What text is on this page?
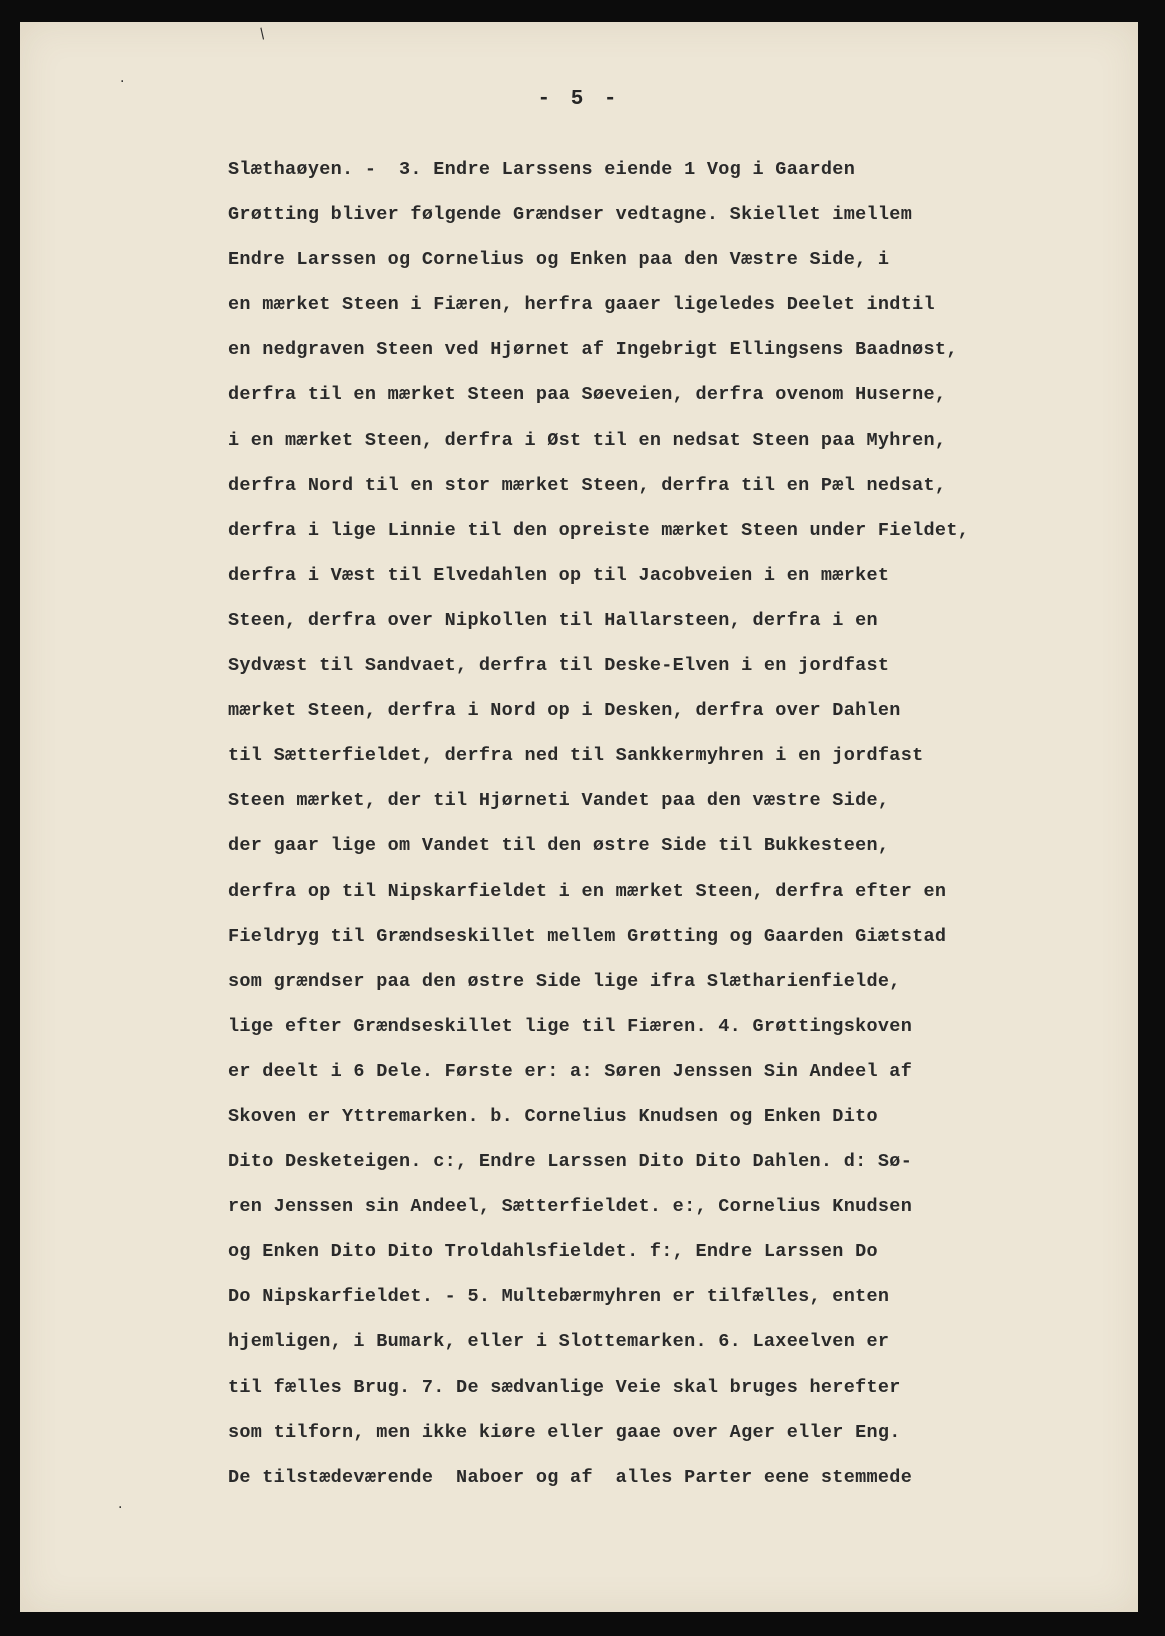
·
/
- 5 -
Slæthaøyen. -  3. Endre Larssens eiende 1 Vog i Gaarden
Grøtting bliver følgende Grændser vedtagne. Skiellet imellem
Endre Larssen og Cornelius og Enken paa den Væstre Side, i
en mærket Steen i Fiæren, herfra gaaer ligeledes Deelet indtil
en nedgraven Steen ved Hjørnet af Ingebrigt Ellingsens Baadnøst,
derfra til en mærket Steen paa Søeveien, derfra ovenom Huserne,
i en mærket Steen, derfra i Øst til en nedsat Steen paa Myhren,
derfra Nord til en stor mærket Steen, derfra til en Pæl nedsat,
derfra i lige Linnie til den opreiste mærket Steen under Fieldet,
derfra i Væst til Elvedahlen op til Jacobveien i en mærket
Steen, derfra over Nipkollen til Hallarsteen, derfra i en
Sydvæst til Sandvaet, derfra til Deske-Elven i en jordfast
mærket Steen, derfra i Nord op i Desken, derfra over Dahlen
til Sætterfieldet, derfra ned til Sankkermyhren i en jordfast
Steen mærket, der til Hjørneti Vandet paa den væstre Side,
der gaar lige om Vandet til den østre Side til Bukkesteen,
derfra op til Nipskarfieldet i en mærket Steen, derfra efter en
Fieldryg til Grændseskillet mellem Grøtting og Gaarden Giætstad
som grændser paa den østre Side lige ifra Slætharienfielde,
lige efter Grændseskillet lige til Fiæren. 4. Grøttingskoven
er deelt i 6 Dele. Første er: a: Søren Jenssen Sin Andeel af
Skoven er Yttremarken. b. Cornelius Knudsen og Enken Dito
Dito Desketeigen. c:, Endre Larssen Dito Dito Dahlen. d: Sø-
ren Jenssen sin Andeel, Sætterfieldet. e:, Cornelius Knudsen
og Enken Dito Dito Troldahlsfieldet. f:, Endre Larssen Do
Do Nipskarfieldet. - 5. Multebærmyhren er tilfælles, enten
hjemligen, i Bumark, eller i Slottemarken. 6. Laxeelven er
til fælles Brug. 7. De sædvanlige Veie skal bruges herefter
som tilforn, men ikke kiøre eller gaae over Ager eller Eng.
De tilstædeværende  Naboer og af  alles Parter eene stemmede
·
